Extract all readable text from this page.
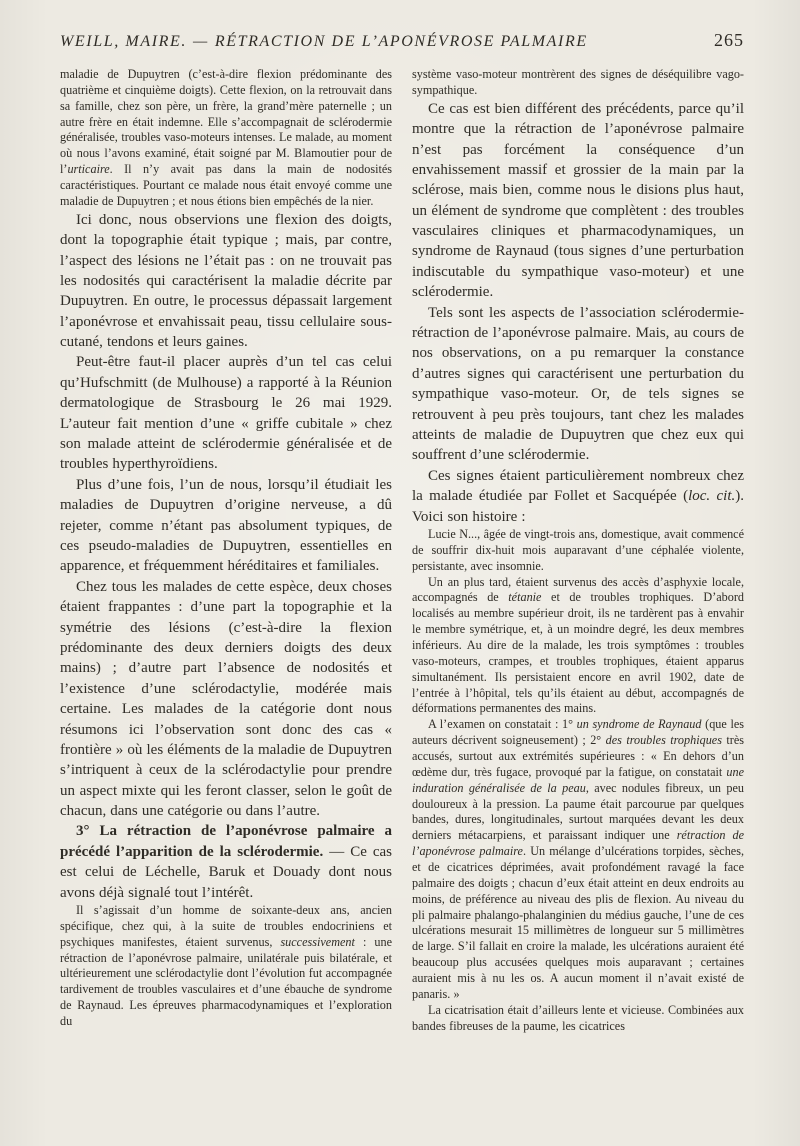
WEILL, MAIRE. — RÉTRACTION DE L’APONÉVROSE PALMAIRE	265

maladie de Dupuytren (c’est-à-dire flexion prédominante des quatrième et cinquième doigts). Cette flexion, on la retrouvait dans sa famille, chez son père, un frère, la grand’mère paternelle ; un autre frère en était indemne. Elle s’accompagnait de sclérodermie généralisée, troubles vaso-moteurs intenses. Le malade, au moment où nous l’avons examiné, était soigné par M. Blamoutier pour de l’urticaire. Il n’y avait pas dans la main de nodosités caractéristiques. Pourtant ce malade nous était envoyé comme une maladie de Dupuytren ; et nous étions bien empêchés de la nier.

Ici donc, nous observions une flexion des doigts, dont la topographie était typique ; mais, par contre, l’aspect des lésions ne l’était pas : on ne trouvait pas les nodosités qui caractérisent la maladie décrite par Dupuytren. En outre, le processus dépassait largement l’aponévrose et envahissait peau, tissu cellulaire sous-cutané, tendons et leurs gaines.

Peut-être faut-il placer auprès d’un tel cas celui qu’Hufschmitt (de Mulhouse) a rapporté à la Réunion dermatologique de Strasbourg le 26 mai 1929. L’auteur fait mention d’une « griffe cubitale » chez son malade atteint de sclérodermie généralisée et de troubles hyperthyroïdiens.

Plus d’une fois, l’un de nous, lorsqu’il étudiait les maladies de Dupuytren d’origine nerveuse, a dû rejeter, comme n’étant pas absolument typiques, de ces pseudo-maladies de Dupuytren, essentielles en apparence, et fréquemment héréditaires et familiales.

Chez tous les malades de cette espèce, deux choses étaient frappantes : d’une part la topographie et la symétrie des lésions (c’est-à-dire la flexion prédominante des deux derniers doigts des deux mains) ; d’autre part l’absence de nodosités et l’existence d’une sclérodactylie, modérée mais certaine. Les malades de la catégorie dont nous résumons ici l’observation sont donc des cas « frontière » où les éléments de la maladie de Dupuytren s’intriquent à ceux de la sclérodactylie pour prendre un aspect mixte qui les feront classer, selon le goût de chacun, dans une catégorie ou dans l’autre.

3° La rétraction de l’aponévrose palmaire a précédé l’apparition de la sclérodermie. — Ce cas est celui de Léchelle, Baruk et Douady dont nous avons déjà signalé tout l’intérêt.

Il s’agissait d’un homme de soixante-deux ans, ancien spécifique, chez qui, à la suite de troubles endocriniens et psychiques manifestes, étaient survenus, successivement : une rétraction de l’aponévrose palmaire, unilatérale puis bilatérale, et ultérieurement une sclérodactylie dont l’évolution fut accompagnée tardivement de troubles vasculaires et d’une ébauche de syndrome de Raynaud. Les épreuves pharmacodynamiques et l’exploration du

système vaso-moteur montrèrent des signes de déséquilibre vago-sympathique.

Ce cas est bien différent des précédents, parce qu’il montre que la rétraction de l’aponévrose palmaire n’est pas forcément la conséquence d’un envahissement massif et grossier de la main par la sclérose, mais bien, comme nous le disions plus haut, un élément de syndrome que complètent : des troubles vasculaires cliniques et pharmacodynamiques, un syndrome de Raynaud (tous signes d’une perturbation indiscutable du sympathique vaso-moteur) et une sclérodermie.

Tels sont les aspects de l’association sclérodermie-rétraction de l’aponévrose palmaire. Mais, au cours de nos observations, on a pu remarquer la constance d’autres signes qui caractérisent une perturbation du sympathique vaso-moteur. Or, de tels signes se retrouvent à peu près toujours, tant chez les malades atteints de maladie de Dupuytren que chez eux qui souffrent d’une sclérodermie.

Ces signes étaient particulièrement nombreux chez la malade étudiée par Follet et Sacquépée (loc. cit.). Voici son histoire :

Lucie N..., âgée de vingt-trois ans, domestique, avait commencé de souffrir dix-huit mois auparavant d’une céphalée violente, persistante, avec insomnie.

Un an plus tard, étaient survenus des accès d’asphyxie locale, accompagnés de tétanie et de troubles trophiques. D’abord localisés au membre supérieur droit, ils ne tardèrent pas à envahir le membre symétrique, et, à un moindre degré, les deux membres inférieurs. Au dire de la malade, les trois symptômes : troubles vaso-moteurs, crampes, et troubles trophiques, étaient apparus simultanément. Ils persistaient encore en avril 1902, date de l’entrée à l’hôpital, tels qu’ils étaient au début, accompagnés de déformations permanentes des mains.

A l’examen on constatait : 1° un syndrome de Raynaud (que les auteurs décrivent soigneusement) ; 2° des troubles trophiques très accusés, surtout aux extrémités supérieures : « En dehors d’un œdème dur, très fugace, provoqué par la fatigue, on constatait une induration généralisée de la peau, avec nodules fibreux, un peu douloureux à la pression. La paume était parcourue par quelques bandes, dures, longitudinales, surtout marquées devant les deux derniers métacarpiens, et paraissant indiquer une rétraction de l’aponévrose palmaire. Un mélange d’ulcérations torpides, sèches, et de cicatrices déprimées, avait profondément ravagé la face palmaire des doigts ; chacun d’eux était atteint en deux endroits au moins, de préférence au niveau des plis de flexion. Au niveau du pli palmaire phalango-phalanginien du médius gauche, l’une de ces ulcérations mesurait 15 millimètres de longueur sur 5 millimètres de large. S’il fallait en croire la malade, les ulcérations auraient été beaucoup plus accusées quelques mois auparavant ; certaines auraient mis à nu les os. A aucun moment il n’avait existé de panaris. »

La cicatrisation était d’ailleurs lente et vicieuse. Combinées aux bandes fibreuses de la paume, les cicatrices
